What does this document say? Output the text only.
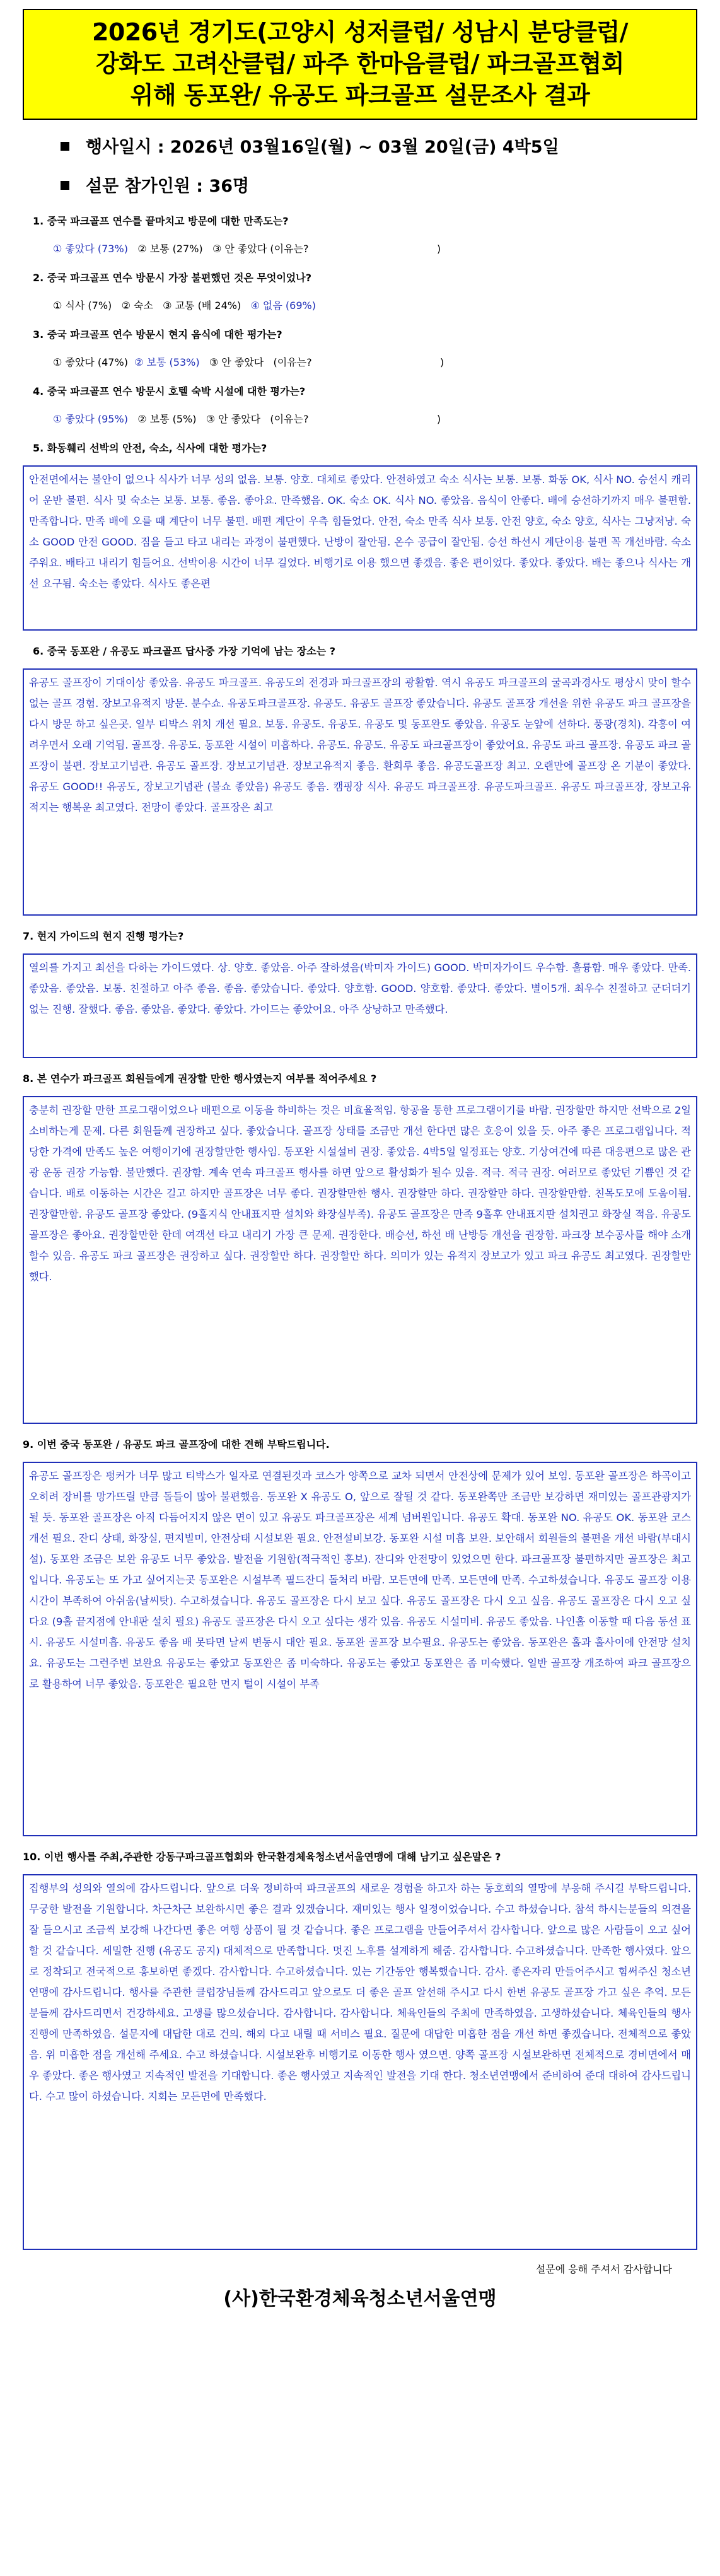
2026년 경기도(고양시 성저클럽/ 성남시 분당클럽/
강화도 고려산클럽/ 파주 한마음클럽/ 파크골프협회
위해 동포완/ 유공도 파크골프 설문조사 결과
행사일시 : 2026년 03월16일(월) ~ 03월 20일(금) 4박5일
설문 참가인원 : 36명
1. 중국 파크골프 연수를 끝마치고 방문에 대한 만족도는?
① 좋았다 (73%) ② 보통 (27%) ③ 안 좋았다 (이유는?	)
2. 중국 파크골프 연수 방문시 가장 불편했던 것은 무엇이었나?
① 식사 (7%) ② 숙소 ③ 교통 (배 24%) ④ 없음 (69%)
3. 중국 파크골프 연수 방문시 현지 음식에 대한 평가는?
① 좋았다 (47%) ② 보통 (53%) ③ 안 좋았다   (이유는?	)
4. 중국 파크골프 연수 방문시 호텔 숙박 시설에 대한 평가는?
① 좋았다 (95%) ② 보통 (5%) ③ 안 좋았다   (이유는?	)
5. 화동훼리 선박의 안전, 숙소, 식사에 대한 평가는?
안전면에서는 불안이 없으나 식사가 너무 성의 없음. 보통. 양호. 대체로 좋았다. 안전하였고 숙소 식사는 보통. 보통. 화동 OK, 식사 NO. 승선시 캐리어 운반 불편. 식사 및 숙소는 보통. 보통. 좋음. 좋아요. 만족했음. OK. 숙소 OK. 식사 NO. 좋았음. 음식이 안좋다. 배에 승선하기까지 매우 불편함. 만족합니다. 만족 배에 오를 때 계단이 너무 불편. 배편 계단이 우측 힘들었다. 안전, 숙소 만족 식사 보통. 안전 양호, 숙소 양호, 식사는 그냥저냥. 숙소 GOOD 안전 GOOD. 짐을 들고 타고 내리는 과정이 불편했다. 난방이 잘안됨. 온수 공급이 잘안됨. 승선 하선시 계단이용 불편 꼭 개선바람. 숙소 주워요. 배타고 내리기 힘들어요. 선박이용 시간이 너무 길었다. 비행기로 이용 했으면 좋겠음. 좋은 편이었다. 좋았다. 좋았다. 배는 좋으나 식사는 개선 요구됨. 숙소는 좋았다. 식사도 좋은편
6. 중국 동포완 / 유공도 파크골프 답사중 가장 기억에 남는 장소는 ?
유공도 골프장이 기대이상 좋았음. 유공도 파크골프. 유공도의 전경과 파크골프장의 광활함. 역시 유공도 파크골프의 굴곡과경사도 평상시 맞이 할수 없는 골프 경험. 장보고유적지 방문. 분수쇼. 유공도파크골프장. 유공도. 유공도 골프장 좋았습니다. 유공도 골프장 개선을 위한 유공도 파크 골프장을 다시 방문 하고 싶은곳. 일부 티박스 위치 개선 필요. 보통. 유공도. 유공도. 유공도 및 동포완도 좋았음. 유공도 눈앞에 선하다. 풍광(경치). 각흥이 여려우면서 오래 기억됨. 골프장. 유공도. 동포완 시설이 미흡하다. 유공도. 유공도. 유공도 파크골프장이 좋았어요. 유공도 파크 골프장. 유공도 파크 골프장이 불편. 장보고기념관. 유공도 골프장. 장보고기념관. 장보고유적지 좋음. 환희루 좋음. 유공도골프장 최고. 오랜만에 골프장 온 기분이 좋았다. 유공도 GOOD!! 유공도, 장보고기념관 (불쇼 좋았음) 유공도 좋음. 캠핑장 식사. 유공도 파크골프장. 유공도파크골프. 유공도 파크골프장, 장보고유적지는 행복운 최고였다. 전망이 좋았다. 골프장은 최고
7. 현지 가이드의 현지 진행 평가는?
열의를 가지고 최선을 다하는 가이드였다. 상. 양호. 좋았음. 아주 잘하셨음(박미자 가이드) GOOD. 박미자가이드 우수함. 훌륭함. 매우 좋았다. 만족. 좋았음. 좋았음. 보통. 친절하고 아주 좋음. 좋음. 좋았습니다. 좋았다. 양호함. GOOD. 양호함. 좋았다. 좋았다. 별이5개. 최우수 친절하고 군더더기 없는 진행. 잘했다. 좋음. 좋았음. 좋았다. 좋았다. 가이드는 좋았어요. 아주 상냥하고 만족했다.
8. 본 연수가 파크골프 회원들에게 권장할 만한 행사였는지 여부를 적어주세요 ?
충분히 권장할 만한 프로그램이었으나 배편으로 이동을 하비하는 것은 비효율적임. 항공을 통한 프로그램이기를 바람. 권장할만 하지만 선박으로 2일 소비하는게 문제. 다른 회원들께 권장하고 싶다. 좋았습니다. 골프장 상태를 조금만 개선 한다면 많은 호응이 있을 듯. 아주 좋은 프로그램입니다. 적당한 가격에 만족도 높은 여행이기에 권장할만한 행사임. 동포완 시설설비 권장. 좋았음. 4박5일 일정표는 양호. 기상여건에 따른 대응편으로 많은 관광 운동 권장 가능함. 불만했다. 권장함. 계속 연속 파크골프 행사를 하면 앞으로 활성화가 될수 있음. 적극. 적극 권장. 여러모로 좋았던 기쁨인 것 같습니다. 배로 이동하는 시간은 길고 하지만 골프장은 너무 좋다. 권장할만한 행사. 권장할만 하다. 권장할만 하다. 권장할만함. 친목도모에 도움이됨. 권장할만함. 유공도 골프장 좋았다. (9홀지식 안내표지판 설치와 화장실부족). 유공도 골프장은 만족 9홀후 안내표지판 설치권고 화장실 적음. 유공도 골프장은 좋아요. 권장할만한 한데 여객선 타고 내리기 가장 큰 문제. 권장한다. 배승선, 하선 배 난방등 개선을 권장함. 파크장 보수공사를 해야 소개 할수 있음. 유공도 파크 골프장은 권장하고 싶다. 권장할만 하다. 권장할만 하다. 의미가 있는 유적지 장보고가 있고 파크 유공도 최고였다. 권장할만 했다.
9. 이번 중국 동포완 / 유공도 파크 골프장에 대한 견해 부탁드립니다.
유공도 골프장은 펑커가 너무 많고 티박스가 일자로 연결된것과 코스가 양쪽으로 교차 되면서 안전상에 문제가 있어 보임. 동포완 골프장은 하곡이고 오히려 장비를 망가뜨릴 만큼 돌들이 많아 불편했음. 동포완 X 유공도 O, 앞으로 잘될 것 같다. 동포완쪽만 조금만 보강하면 재미있는 골프관광지가 될 듯. 동포완 골프장은 아직 다듬어지지 않은 면이 있고 유공도 파크골프장은 세계 넘버원입니다. 유공도 확대. 동포완 NO. 유공도 OK. 동포완 코스개선 필요. 잔디 상태, 화장실, 편지빌미, 안전상태 시설보완 필요. 안전설비보강. 동포완 시설 미흡 보완. 보안해서 회원들의 불편을 개선 바람(부대시설). 동포완 조금은 보완 유공도 너무 좋았음. 발전을 기원함(적극적인 홍보). 잔디와 안전망이 있었으면 한다. 파크골프장 불편하지만 골프장은 최고입니다. 유공도는 또 가고 싶어지는곳 동포완은 시설부족 필드잔디 돌처리 바람. 모든면에 만족. 모든면에 만족. 수고하셨습니다. 유공도 골프장 이용시간이 부족하여 아쉬움(날씨탓). 수고하셨습니다. 유공도 골프장은 다시 보고 싶다. 유공도 골프장은 다시 오고 싶음. 유공도 골프장은 다시 오고 싶다요 (9홀 끝지점에 안내판 설치 필요) 유공도 골프장은 다시 오고 싶다는 생각 있음. 유공도 시설미비. 유공도 좋았음. 나인홀 이동할 때 다음 동선 표시. 유공도 시설미흡. 유공도 좋음 배 못타면 날씨 변동시 대안 필요. 동포완 골프장 보수필요. 유공도는 좋았음. 동포완은 홀과 홀사이에 안전망 설치요. 유공도는 그런주변 보완요 유공도는 좋았고 동포완은 좀 미숙하다. 유공도는 좋았고 동포완은 좀 미숙했다. 일반 골프장 개조하여 파크 골프장으로 활용하여 너무 좋았음. 동포완은 필요한 먼지 털이 시설이 부족
10. 이번 행사를 주최,주관한 강동구파크골프협회와 한국환경체육청소년서울연맹에 대해 남기고 싶은말은 ?
집행부의 성의와 열의에 감사드립니다. 앞으로 더욱 정비하여 파크골프의 새로운 경험을 하고자 하는 동호회의 열망에 부응해 주시길 부탁드립니다. 무궁한 발전을 기원합니다. 차근차근 보완하시면 좋은 결과 있겠습니다. 재미있는 행사 일정이었습니다. 수고 하셨습니다. 참석 하시는분들의 의견을 잘 들으시고 조금씩 보강해 나간다면 좋은 여행 상품이 될 것 같습니다. 좋은 프로그램을 만들어주셔서 감사합니다. 앞으로 많은 사람들이 오고 싶어 할 것 같습니다. 세밀한 진행 (유공도 공지) 대체적으로 만족합니다. 멋진 노후를 설계하게 해줌. 감사합니다. 수고하셨습니다. 만족한 행사였다. 앞으로 정착되고 전국적으로 홍보하면 좋겠다. 감사합니다. 수고하셨습니다. 있는 기간동안 행복했습니다. 감사. 좋은자리 만들어주시고 힘써주신 청소년연맹에 감사드립니다. 행사를 주관한 클럽장님들께 감사드리고 앞으로도 더 좋은 골프 알선해 주시고 다시 한번 유공도 골프장 가고 싶은 추억. 모든분들께 감사드리면서 건강하세요. 고생를 많으셨습니다. 감사합니다. 감사합니다. 체육인들의 주최에 만족하였음. 고생하셨습니다. 체육인들의 행사 진행에 만족하였음. 설문지에 대답한 대로 건의. 해외 다고 내릴 때 서비스 필요. 질문에 대답한 미흡한 점을 개선 하면 좋겠습니다. 전체적으로 좋았음. 위 미흡한 점을 개선해 주세요. 수고 하셨습니다. 시설보완후 비행기로 이동한 행사 였으면. 양쪽 골프장 시설보완하면 전체적으로 경비면에서 매우 좋았다. 좋은 행사였고 지속적인 발전을 기대합니다. 좋은 행사였고 지속적인 발전을 기대 한다. 청소년연맹에서 준비하여 준대 대하여 감사드립니다. 수고 많이 하셨습니다. 지회는 모든면에 만족했다.
설문에 응해 주셔서 감사합니다
(사)한국환경체육청소년서울연맹
